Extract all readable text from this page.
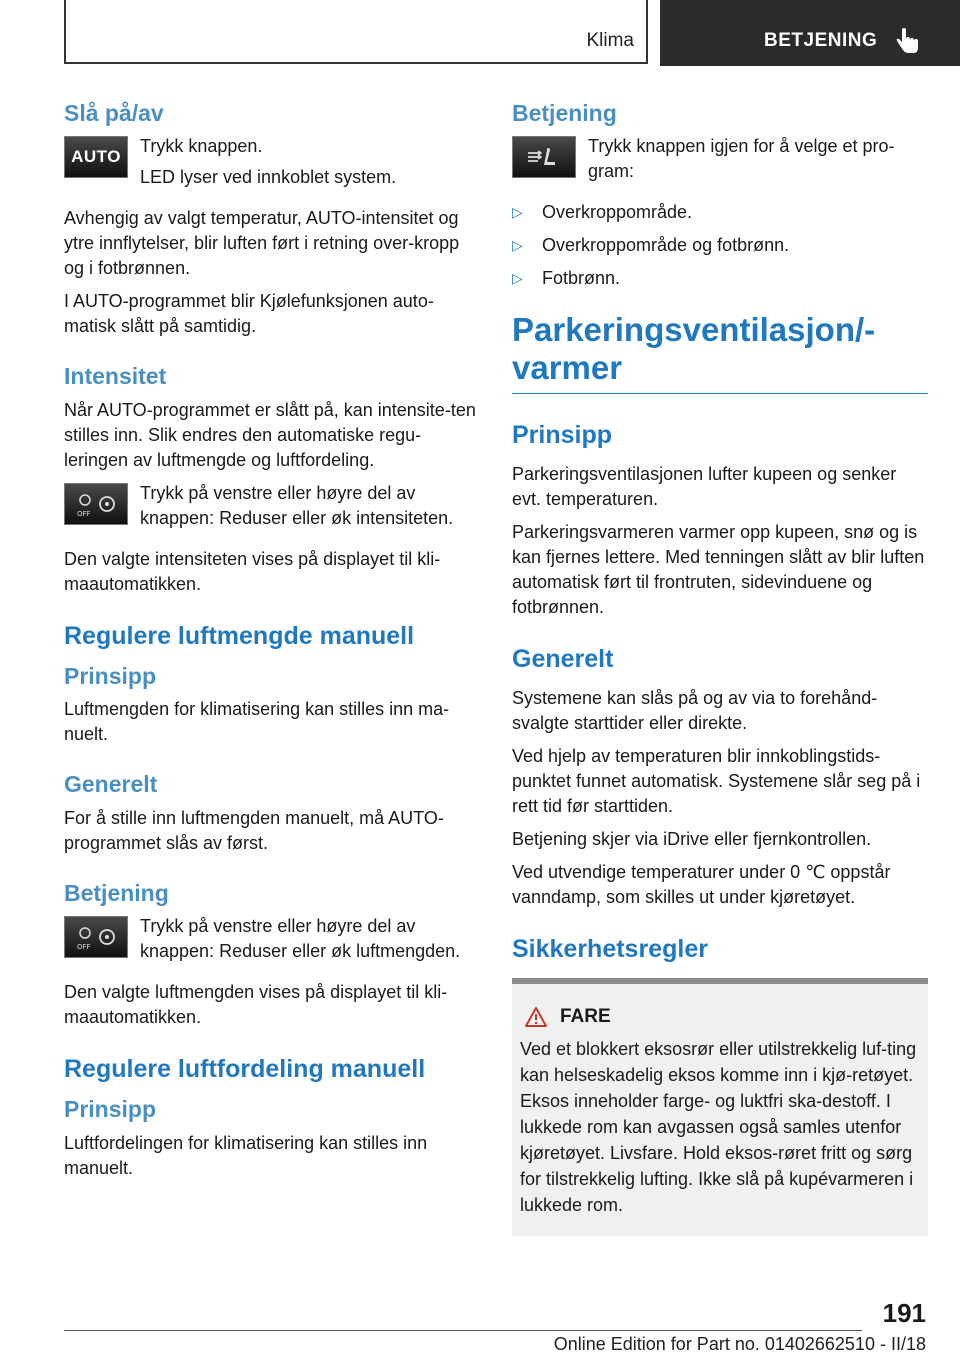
Klima	BETJENING
Slå på/av
AUTO

Trykk knappen.

LED lyser ved innkoblet system.

Avhengig av valgt temperatur, AUTO-intensitet og ytre innflytelser, blir luften ført i retning over-kropp og i fotbrønnen.

I AUTO-programmet blir Kjølefunksjonen auto-matisk slått på samtidig.

Intensitet

Når AUTO-programmet er slått på, kan intensite-ten stilles inn. Slik endres den automatiske regu-leringen av luftmengde og luftfordeling.

OFF

Trykk på venstre eller høyre del av knappen: Reduser eller øk intensiteten.

Den valgte intensiteten vises på displayet til kli-maautomatikken.

Regulere luftmengde manuell
Prinsipp

Luftmengden for klimatisering kan stilles inn ma-nuelt.

Generelt

For å stille inn luftmengden manuelt, må AUTO-programmet slås av først.

Betjening
OFF

Trykk på venstre eller høyre del av knappen: Reduser eller øk luftmengden.

Den valgte luftmengden vises på displayet til kli-maautomatikken.

Regulere luftfordeling manuell
Prinsipp

Luftfordelingen for klimatisering kan stilles inn manuelt.

Betjening

Trykk knappen igjen for å velge et pro-gram:

▷ Overkroppområde.
▷ Overkroppområde og fotbrønn.
▷ Fotbrønn.
Parkeringsventilasjon/-varmer
Prinsipp

Parkeringsventilasjonen lufter kupeen og senker evt. temperaturen.

Parkeringsvarmeren varmer opp kupeen, snø og is kan fjernes lettere. Med tenningen slått av blir luften automatisk ført til frontruten, sidevinduene og fotbrønnen.

Generelt

Systemene kan slås på og av via to forehånd-svalgte starttider eller direkte.

Ved hjelp av temperaturen blir innkoblingstids-punktet funnet automatisk. Systemene slår seg på i rett tid før starttiden.

Betjening skjer via iDrive eller fjernkontrollen.

Ved utvendige temperaturer under 0 ℃ oppstår vanndamp, som skilles ut under kjøretøyet.

Sikkerhetsregler
FARE

Ved et blokkert eksosrør eller utilstrekkelig luf-ting kan helseskadelig eksos komme inn i kjø-retøyet. Eksos inneholder farge- og luktfri ska-destoff. I lukkede rom kan avgassen også samles utenfor kjøretøyet. Livsfare. Hold eksos-røret fritt og sørg for tilstrekkelig lufting. Ikke slå på kupévarmeren i lukkede rom.

191
Online Edition for Part no. 01402662510 - II/18
